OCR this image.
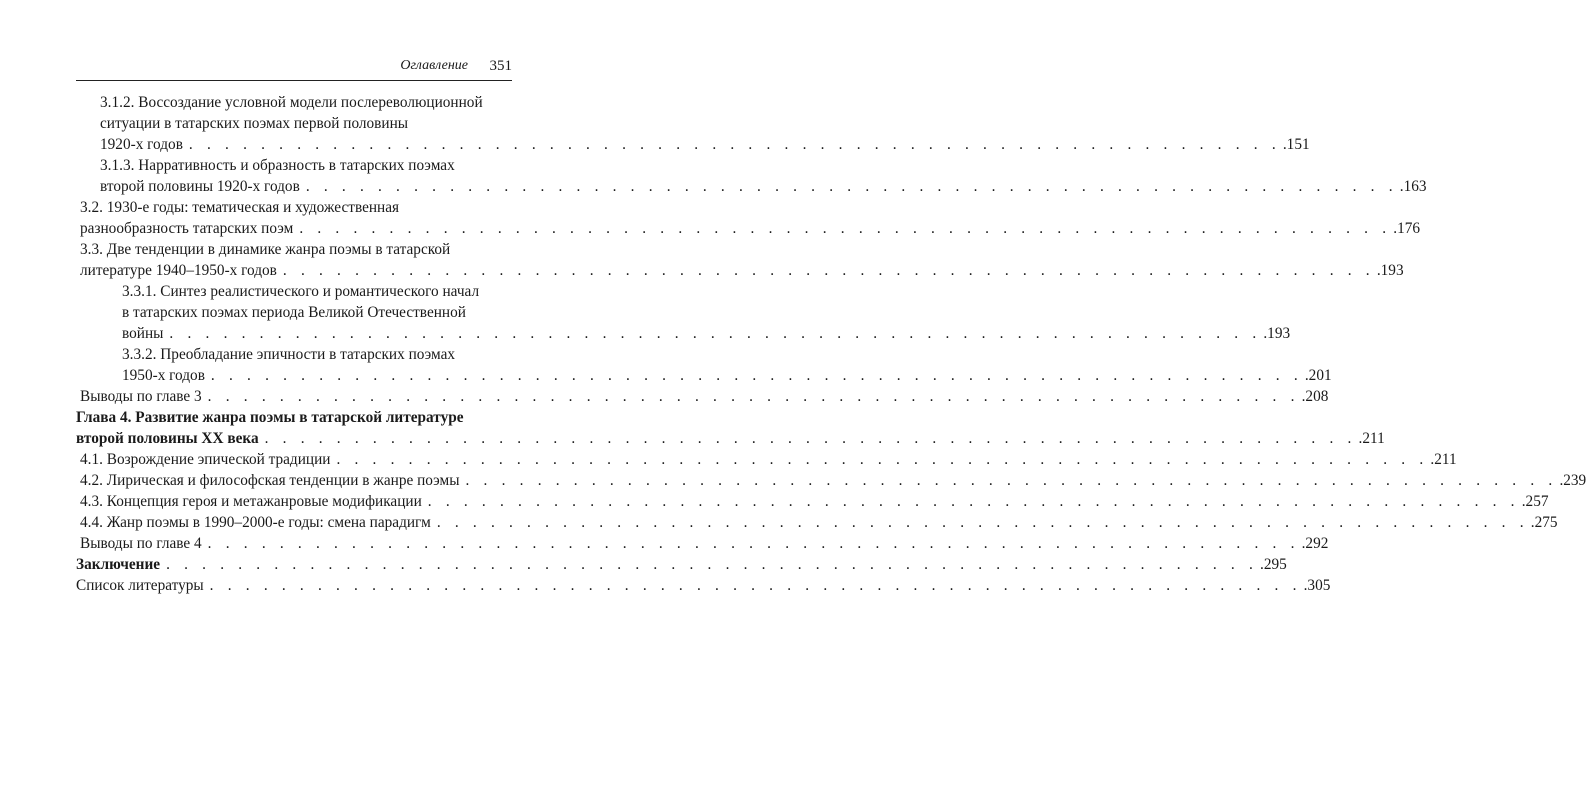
Оглавление 351
3.1.2. Воссоздание условной модели послереволюционной
ситуации в татарских поэмах первой половины
1920-х годов . . . . . . . . . . . . . . . . . . . . . . . . . . . . . . . . . . . . . . . . . . . . . . . . . . . . . . . . . . . . . .151
3.1.3. Нарративность и образность в татарских поэмах
второй половины 1920-х годов . . . . . . . . . . . . . . . . . . . . . . . . . . . . . . . . . . . . . . . . . . . . . . . . . . . . . . . . . . . . . .163
3.2. 1930-е годы: тематическая и художественная
разнообразность татарских поэм . . . . . . . . . . . . . . . . . . . . . . . . . . . . . . . . . . . . . . . . . . . . . . . . . . . . . . . . . . . . . .176
3.3. Две тенденции в динамике жанра поэмы в татарской
литературе 1940–1950-х годов . . . . . . . . . . . . . . . . . . . . . . . . . . . . . . . . . . . . . . . . . . . . . . . . . . . . . . . . . . . . . .193
3.3.1. Синтез реалистического и романтического начал
в татарских поэмах периода Великой Отечественной
войны . . . . . . . . . . . . . . . . . . . . . . . . . . . . . . . . . . . . . . . . . . . . . . . . . . . . . . . . . . . . . .193
3.3.2. Преобладание эпичности в татарских поэмах
1950-х годов . . . . . . . . . . . . . . . . . . . . . . . . . . . . . . . . . . . . . . . . . . . . . . . . . . . . . . . . . . . . . .201
Выводы по главе 3 . . . . . . . . . . . . . . . . . . . . . . . . . . . . . . . . . . . . . . . . . . . . . . . . . . . . . . . . . . . . . .208
Глава 4. Развитие жанра поэмы в татарской литературе
второй половины XX века . . . . . . . . . . . . . . . . . . . . . . . . . . . . . . . . . . . . . . . . . . . . . . . . . . . . . . . . . . . . . .211
4.1. Возрождение эпической традиции . . . . . . . . . . . . . . . . . . . . . . . . . . . . . . . . . . . . . . . . . . . . . . . . . . . . . . . . . . . . . .211
4.2. Лирическая и философская тенденции в жанре поэмы . . . . . . . . . . . . . . . . . . . . . . . . . . . . . . . . . . . . . . . . . . . . . . . . . . . . . . . . . . . . . .239
4.3. Концепция героя и метажанровые модификации . . . . . . . . . . . . . . . . . . . . . . . . . . . . . . . . . . . . . . . . . . . . . . . . . . . . . . . . . . . . . .257
4.4. Жанр поэмы в 1990–2000-е годы: смена парадигм . . . . . . . . . . . . . . . . . . . . . . . . . . . . . . . . . . . . . . . . . . . . . . . . . . . . . . . . . . . . . .275
Выводы по главе 4 . . . . . . . . . . . . . . . . . . . . . . . . . . . . . . . . . . . . . . . . . . . . . . . . . . . . . . . . . . . . . .292
Заключение . . . . . . . . . . . . . . . . . . . . . . . . . . . . . . . . . . . . . . . . . . . . . . . . . . . . . . . . . . . . . .295
Список литературы . . . . . . . . . . . . . . . . . . . . . . . . . . . . . . . . . . . . . . . . . . . . . . . . . . . . . . . . . . . . . .305
